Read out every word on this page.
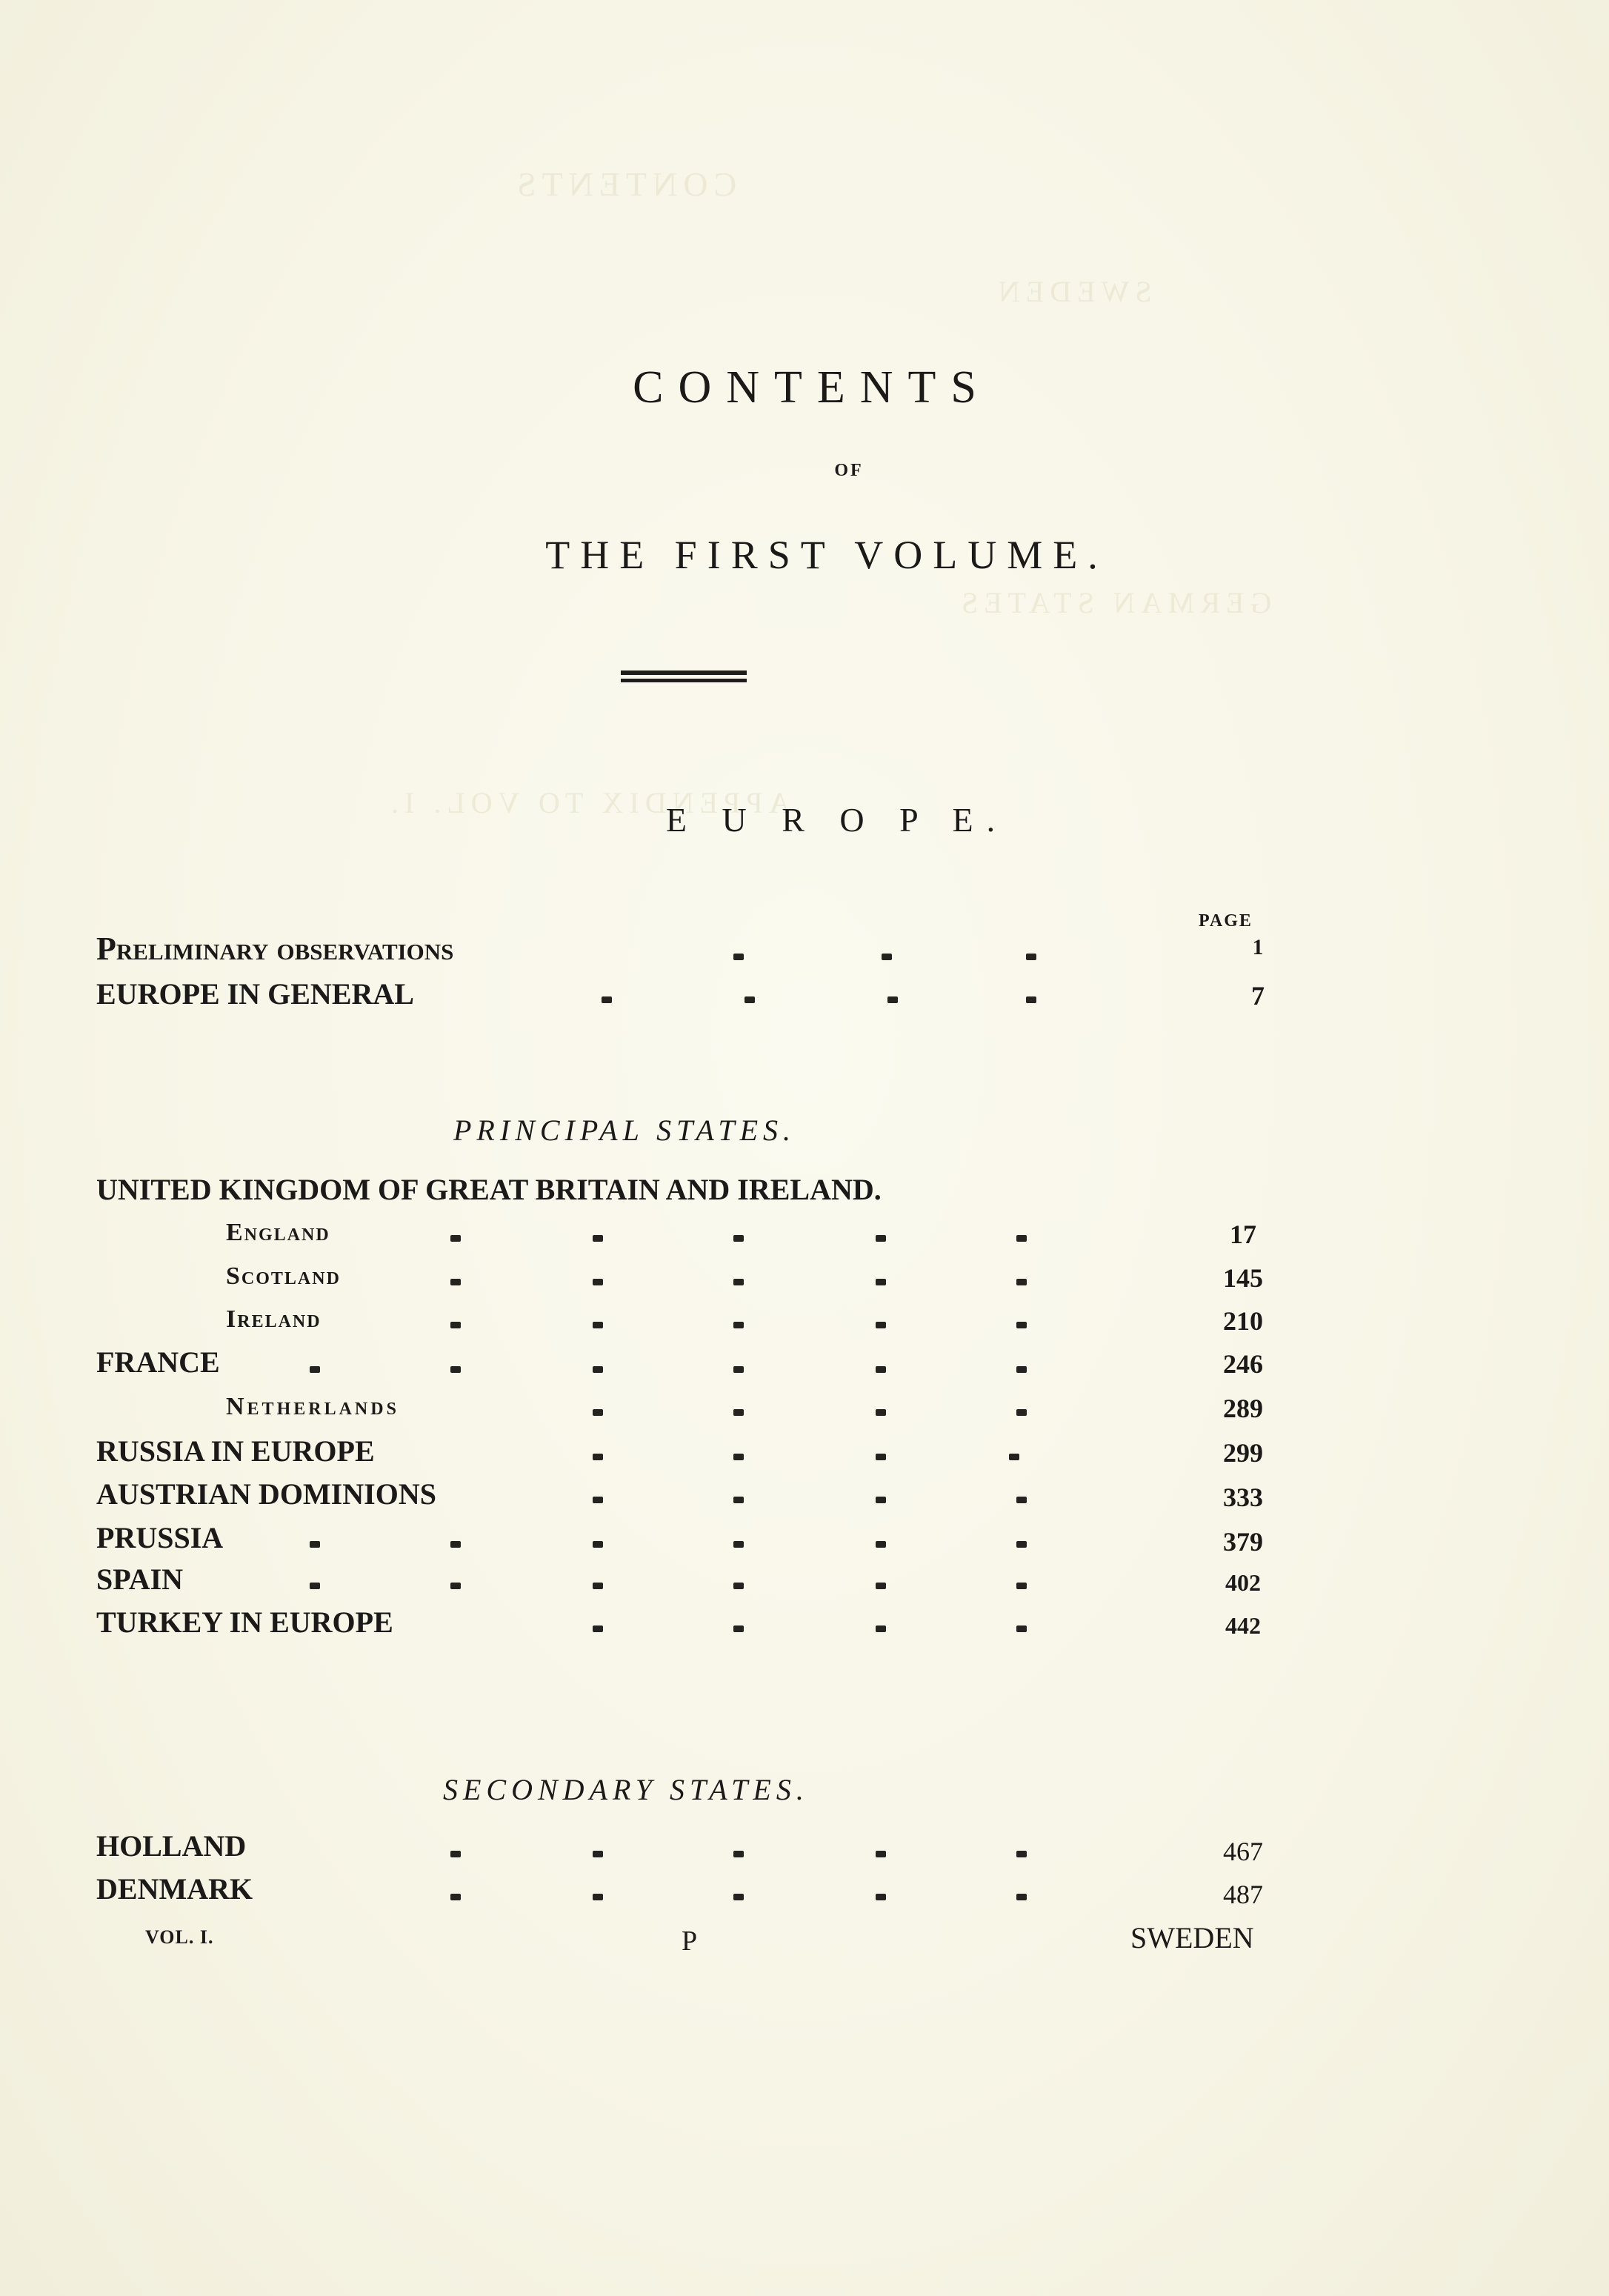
CONTENTS
SWEDEN
GERMAN STATES
APPENDIX TO VOL. I.
CONTENTS
OF
THE FIRST VOLUME.
E U R O P E.
PAGE
Preliminary observations	1
EUROPE IN GENERAL	7
PRINCIPAL STATES.
UNITED KINGDOM OF GREAT BRITAIN AND IRELAND.
England	17
Scotland	145
Ireland	210
FRANCE	246
Netherlands	289
RUSSIA IN EUROPE	299
AUSTRIAN DOMINIONS	333
PRUSSIA	379
SPAIN	402
TURKEY IN EUROPE	442
SECONDARY STATES.
HOLLAND	467
DENMARK	487
VOL. I.	P	SWEDEN
